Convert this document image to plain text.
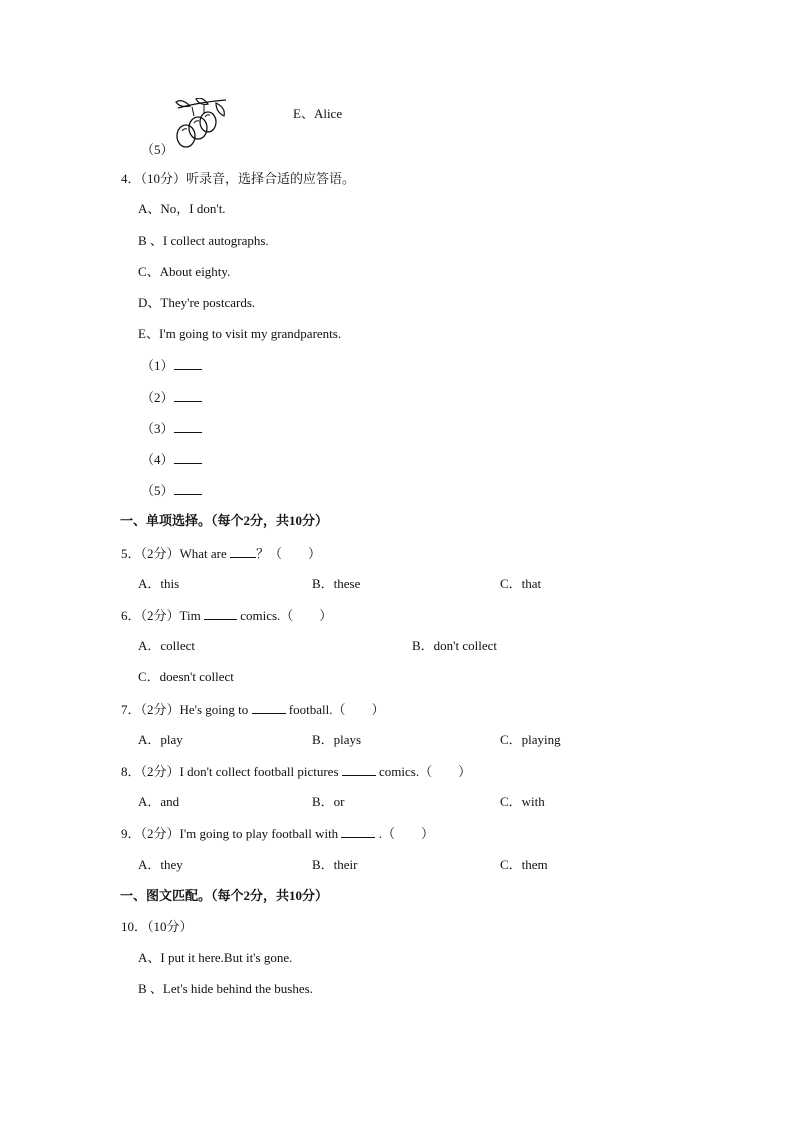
E、Alice
（5）
4．（10分）听录音，选择合适的应答语。
A、No，I don't.
B 、I collect autographs.
C、About eighty.
D、They're postcards.
E、I'm going to visit my grandparents.
（1）
（2）
（3）
（4）
（5）
一、单项选择。（每个2分，共10分）
5．（2分）What are ？（　　）
A．this	B．these	C．that
6．（2分）Tim	comics.（　　）
A．collect	B．don't collect
C．doesn't collect
7．（2分）He's going to	football.（　　）
A．play	B．plays	C．playing
8．（2分）I don't collect football pictures	comics.（　　）
A．and	B．or	C．with
9．（2分）I'm going to play football with	.（　　）
A．they	B．their	C．them
一、图文匹配。（每个2分，共10分）
10．（10分）
A、I put it here.But it's gone.
B 、Let's hide behind the bushes.
